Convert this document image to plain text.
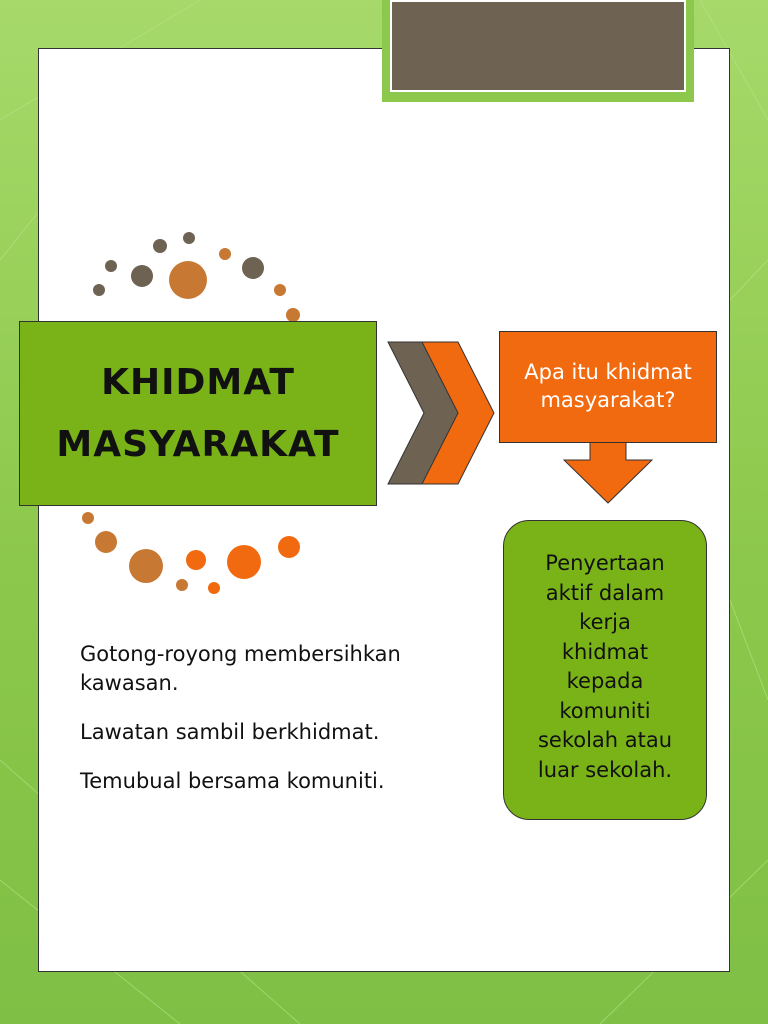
KHIDMAT
MASYARAKAT
Apa itu khidmat
masyarakat?
Penyertaan
aktif dalam
kerja
khidmat
kepada
komuniti
sekolah atau
luar sekolah.
Gotong-royong membersihkan kawasan.
Lawatan sambil berkhidmat.
Temubual bersama komuniti.
